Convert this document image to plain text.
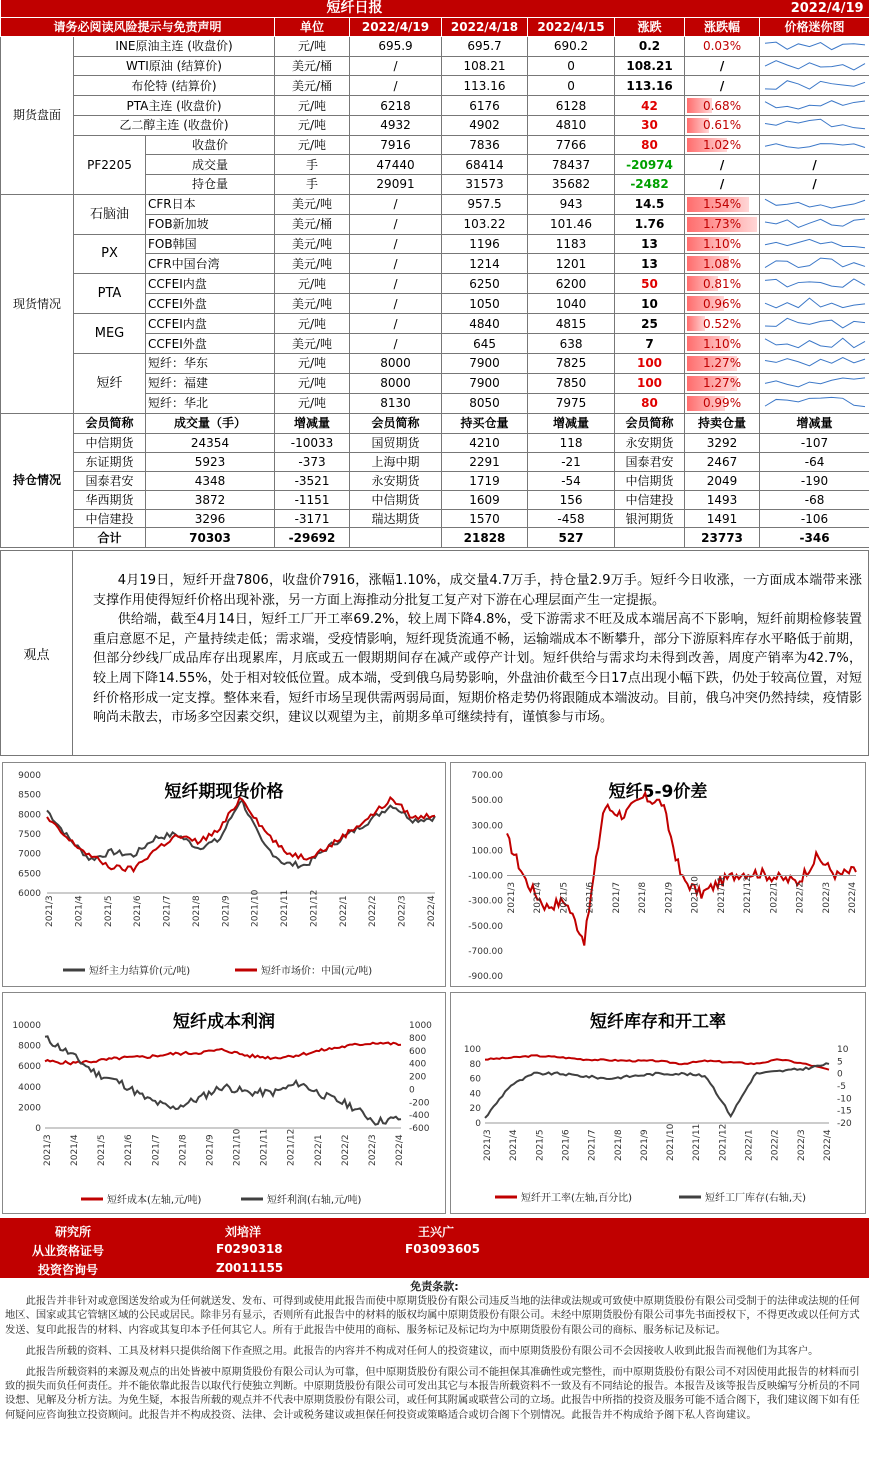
			短纤日报					2022/4/19	
请务必阅读风险提示与免责声明			单位	2022/4/19	2022/4/18	2022/4/15	涨跌	涨跌幅	价格迷你图
期货盘面	INE原油主连 (收盘价)		元/吨	695.9	695.7	690.2	0.2	0.03%	
	WTI原油 (结算价)		美元/桶	/	108.21	0	108.21	/	
	布伦特 (结算价)		美元/桶	/	113.16	0	113.16	/	
	PTA主连 (收盘价)		元/吨	6218	6176	6128	42	0.68%	
	乙二醇主连 (收盘价)		元/吨	4932	4902	4810	30	0.61%	
	PF2205	收盘价	元/吨	7916	7836	7766	80	1.02%	
		成交量	手	47440	68414	78437	-20974	/	/
		持仓量	手	29091	31573	35682	-2482	/	/
现货情况	石脑油	CFR日本	美元/吨	/	957.5	943	14.5	1.54%	
		FOB新加坡	美元/桶	/	103.22	101.46	1.76	1.73%	
	PX	FOB韩国	美元/吨	/	1196	1183	13	1.10%	
		CFR中国台湾	美元/吨	/	1214	1201	13	1.08%	
	PTA	CCFEI内盘	元/吨	/	6250	6200	50	0.81%	
		CCFEI外盘	美元/吨	/	1050	1040	10	0.96%	
	MEG	CCFEI内盘	元/吨	/	4840	4815	25	0.52%	
		CCFEI外盘	美元/吨	/	645	638	7	1.10%	
	短纤	短纤：华东	元/吨	8000	7900	7825	100	1.27%	
		短纤：福建	元/吨	8000	7900	7850	100	1.27%	
		短纤：华北	元/吨	8130	8050	7975	80	0.99%	
持仓情况	会员简称	成交量（手）	增减量	会员简称	持买仓量	增减量	会员简称	持卖仓量	增减量
	中信期货	24354	-10033	国贸期货	4210	118	永安期货	3292	-107
	东证期货	5923	-373	上海中期	2291	-21	国泰君安	2467	-64
	国泰君安	4348	-3521	永安期货	1719	-54	中信期货	2049	-190
	华西期货	3872	-1151	中信期货	1609	156	中信建投	1493	-68
	中信建投	3296	-3171	瑞达期货	1570	-458	银河期货	1491	-106
	合计	70303	-29692		21828	527		23773	-346
观点

4月19日，短纤开盘7806，收盘价7916，涨幅1.10%，成交量4.7万手，持仓量2.9万手。短纤今日收涨，一方面成本端带来涨支撑作用使得短纤价格出现补涨，另一方面上海推动分批复工复产对下游在心理层面产生一定提振。

供给端，截至4月14日，短纤工厂开工率69.2%，较上周下降4.8%，受下游需求不旺及成本端居高不下影响，短纤前期检修装置重启意愿不足，产量持续走低；需求端，受疫情影响，短纤现货流通不畅，运输端成本不断攀升，部分下游原料库存水平略低于前期，但部分纱线厂成品库存出现累库，月底或五一假期期间存在减产或停产计划。短纤供给与需求均未得到改善，周度产销率为42.7%，较上周下降14.55%，处于相对较低位置。成本端，受到俄乌局势影响，外盘油价截至今日17点出现小幅下跌，仍处于较高位置，对短纤价格形成一定支撑。整体来看，短纤市场呈现供需两弱局面，短期价格走势仍将跟随成本端波动。目前，俄乌冲突仍然持续，疫情影响尚未散去，市场多空因素交织，建议以观望为主，前期多单可继续持有，谨慎参与市场。

短纤期现货价格
9000
8500
8000
7500
7000
6500
6000
2021/3 2021/4 2021/5 2021/6 2021/7 2021/8 2021/9 2021/10 2021/11 2021/12 2022/1 2022/2 2022/3 2022/4
短纤主力结算价(元/吨)	短纤市场价：中国(元/吨)
短纤5-9价差
700.00
500.00
300.00
100.00
-100.00
-300.00
-500.00
-700.00
-900.00
2021/3 2021/4 2021/5 2021/6 2021/7 2021/8 2021/9 2021/10 2021/11 2021/12 2022/1 2022/2 2022/3 2022/4
短纤成本利润
10000
8000
6000
4000
2000
0
1000
800
600
400
200
0
-200
-400
-600
2021/3 2021/4 2021/5 2021/6 2021/7 2021/8 2021/9 2021/10 2021/11 2021/12 2022/1 2022/2 2022/3 2022/4
短纤成本(左轴,元/吨)	短纤利润(右轴,元/吨)
短纤库存和开工率
100
80
60
40
20
0
10
5
0
-5
-10
-15
-20
2021/3 2021/4 2021/5 2021/6 2021/7 2021/8 2021/9 2021/10 2021/11 2021/12 2022/1 2022/2 2022/3 2022/4
短纤开工率(左轴,百分比)	短纤工厂库存(右轴,天)
研究所
从业资格证号
投资咨询号
刘培洋
F0290318
Z0011155
王兴广
F03093605

免责条款:

此报告并非针对或意图送发给或为任何就送发、发布、可得到或使用此报告而使中原期货股份有限公司违反当地的法律或法规或可致使中原期货股份有限公司受制于的法律或法规的任何地区、国家或其它管辖区域的公民或居民。除非另有显示，否则所有此报告中的材料的版权均属中原期货股份有限公司。未经中原期货股份有限公司事先书面授权下，不得更改或以任何方式发送、复印此报告的材料、内容或其复印本予任何其它人。所有于此报告中使用的商标、服务标记及标记均为中原期货股份有限公司的商标、服务标记及标记。

此报告所载的资料、工具及材料只提供给阁下作查照之用。此报告的内容并不构成对任何人的投资建议，而中原期货股份有限公司不会因接收人收到此报告而视他们为其客户。

此报告所载资料的来源及观点的出处皆被中原期货股份有限公司认为可靠，但中原期货股份有限公司不能担保其准确性或完整性，而中原期货股份有限公司不对因使用此报告的材料而引致的损失而负任何责任。并不能依靠此报告以取代行使独立判断。中原期货股份有限公司可发出其它与本报告所载资料不一致及有不同结论的报告。本报告及该等报告反映编写分析员的不同设想、见解及分析方法。为免生疑，本报告所载的观点并不代表中原期货股份有限公司，或任何其附属或联营公司的立场。此报告中所指的投资及服务可能不适合阁下，我们建议阁下如有任何疑问应咨询独立投资顾问。此报告并不构成投资、法律、会计或税务建议或担保任何投资或策略适合或切合阁下个别情况。此报告并不构成给予阁下私人咨询建议。
